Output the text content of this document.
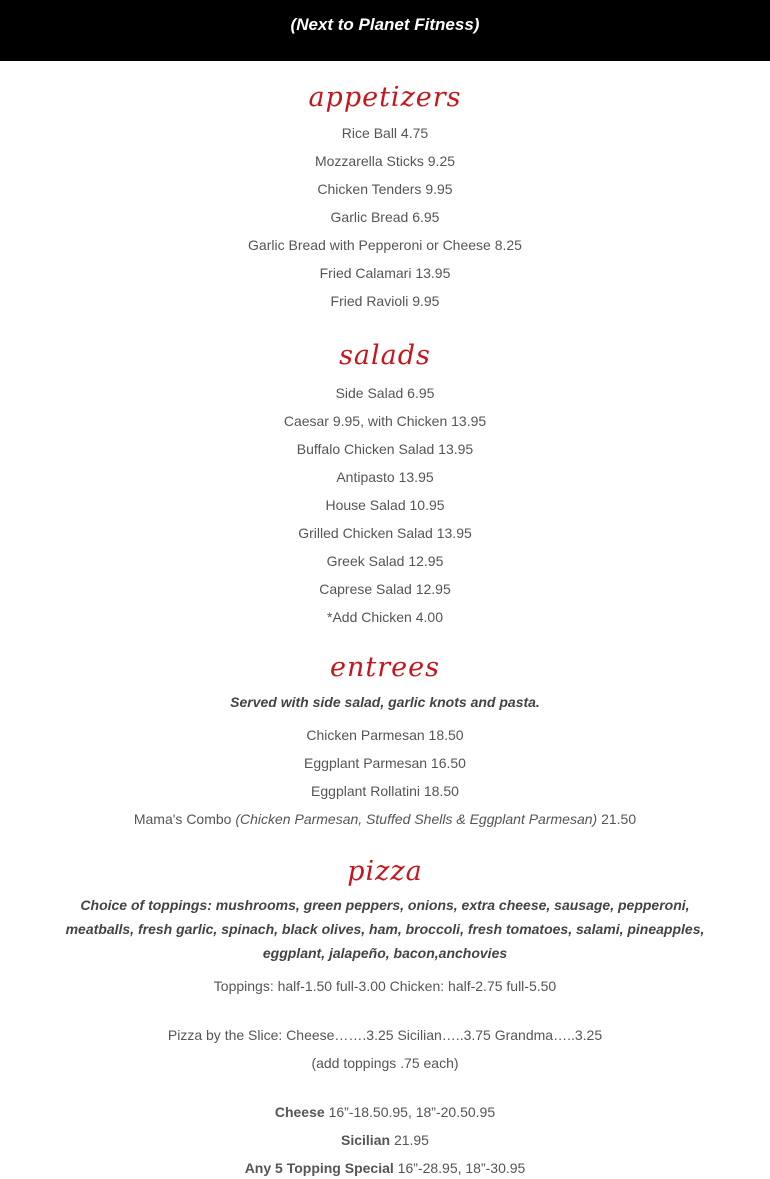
(Next to Planet Fitness)
appetizers
Rice Ball 4.75
Mozzarella Sticks 9.25
Chicken Tenders 9.95
Garlic Bread 6.95
Garlic Bread with Pepperoni or Cheese 8.25
Fried Calamari 13.95
Fried Ravioli 9.95
salads
Side Salad 6.95
Caesar 9.95, with Chicken 13.95
Buffalo Chicken Salad 13.95
Antipasto 13.95
House Salad 10.95
Grilled Chicken Salad 13.95
Greek Salad 12.95
Caprese Salad 12.95
*Add Chicken 4.00
entrees
Served with side salad, garlic knots and pasta.
Chicken Parmesan 18.50
Eggplant Parmesan 16.50
Eggplant Rollatini 18.50
Mama's Combo (Chicken Parmesan, Stuffed Shells & Eggplant Parmesan) 21.50
pizza
Choice of toppings: mushrooms, green peppers, onions, extra cheese, sausage, pepperoni, meatballs, fresh garlic, spinach, black olives, ham, broccoli, fresh tomatoes, salami, pineapples, eggplant, jalapeño, bacon,anchovies
Toppings: half-1.50 full-3.00 Chicken: half-2.75 full-5.50
Pizza by the Slice: Cheese…….3.25 Sicilian…..3.75 Grandma…..3.25
(add toppings .75 each)
Cheese 16”-18.50.95, 18”-20.50.95
Sicilian 21.95
Any 5 Topping Special 16”-28.95, 18”-30.95
